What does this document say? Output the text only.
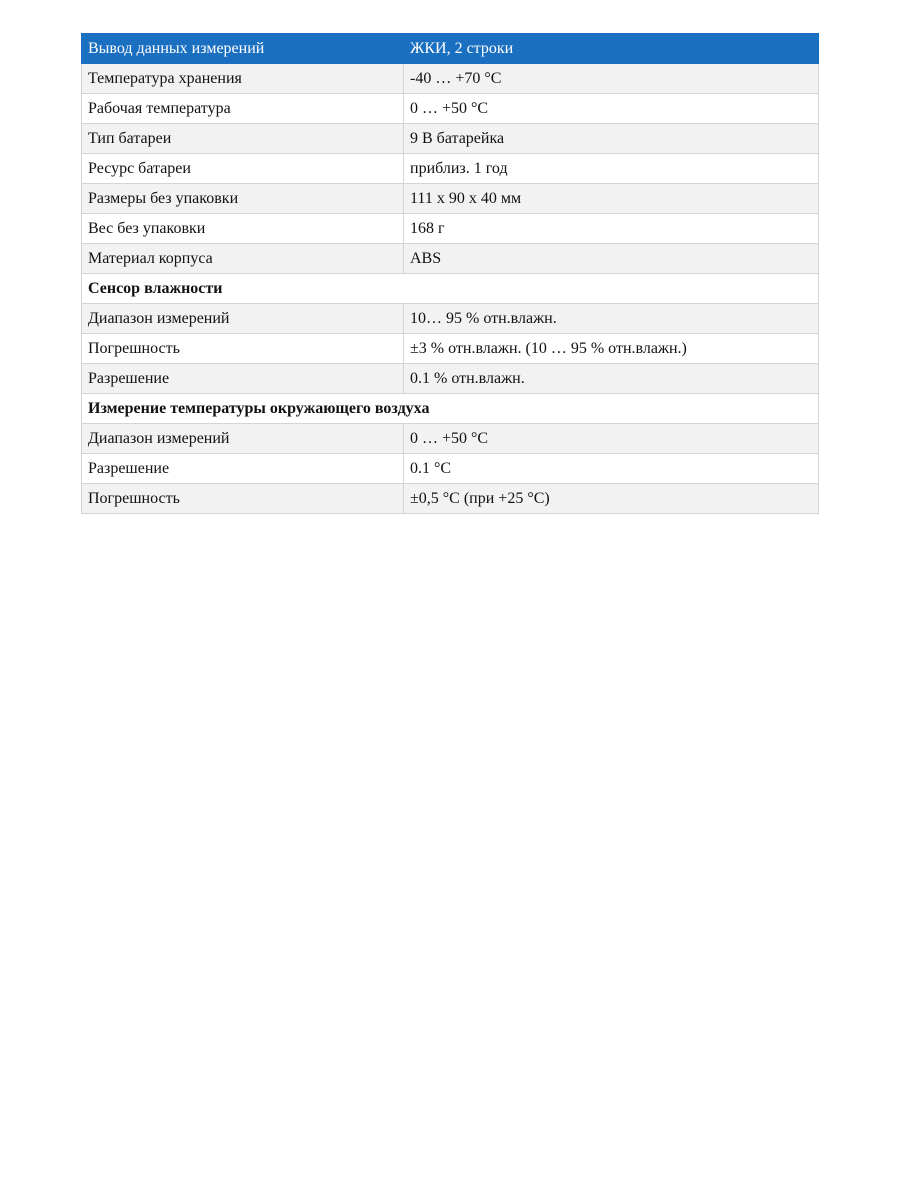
Вывод данных измерений	ЖКИ, 2 строки
Температура хранения	-40 … +70 °C
Рабочая температура	0 … +50 °C
Тип батареи	9 В батарейка
Ресурс батареи	приблиз. 1 год
Размеры без упаковки	111 x 90 x 40 мм
Вес без упаковки	168 г
Материал корпуса	ABS
Сенсор влажности	
Диапазон измерений	10… 95 % отн.влажн.
Погрешность	±3 % отн.влажн. (10 … 95 % отн.влажн.)
Разрешение	0.1 % отн.влажн.
Измерение температуры окружающего воздуха	
Диапазон измерений	0 … +50 °C
Разрешение	0.1 °C
Погрешность	±0,5 °C (при +25 °C)
